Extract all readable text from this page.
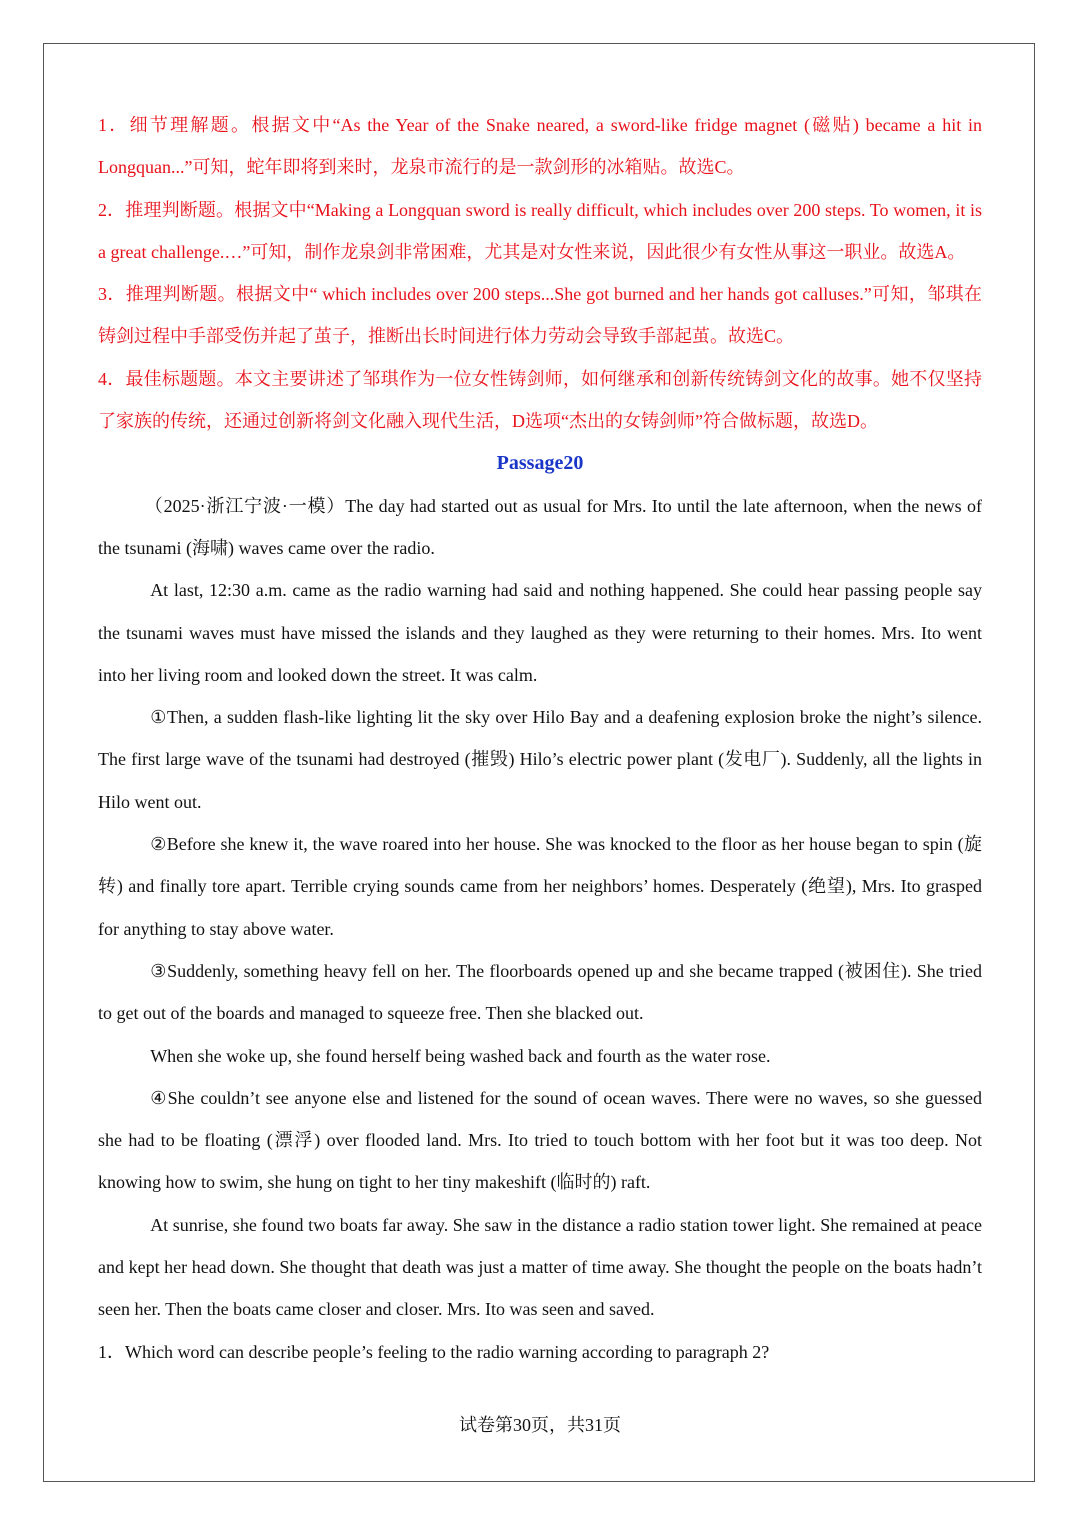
1．细节理解题。根据文中“As the Year of the Snake neared, a sword-like fridge magnet (磁贴) became a hit in Longquan...”可知，蛇年即将到来时，龙泉市流行的是一款剑形的冰箱贴。故选C。

2．推理判断题。根据文中“Making a Longquan sword is really difficult, which includes over 200 steps. To women, it is a great challenge.…”可知，制作龙泉剑非常困难，尤其是对女性来说，因此很少有女性从事这一职业。故选A。

3．推理判断题。根据文中“ which includes over 200 steps...She got burned and her hands got calluses.”可知，邹琪在铸剑过程中手部受伤并起了茧子，推断出长时间进行体力劳动会导致手部起茧。故选C。

4．最佳标题题。本文主要讲述了邹琪作为一位女性铸剑师，如何继承和创新传统铸剑文化的故事。她不仅坚持了家族的传统，还通过创新将剑文化融入现代生活，D选项“杰出的女铸剑师”符合做标题，故选D。

Passage20

（2025·浙江宁波·一模）The day had started out as usual for Mrs. Ito until the late afternoon, when the news of the tsunami (海啸) waves came over the radio.

At last, 12:30 a.m. came as the radio warning had said and nothing happened. She could hear passing people say the tsunami waves must have missed the islands and they laughed as they were returning to their homes. Mrs. Ito went into her living room and looked down the street. It was calm.

①Then, a sudden flash-like lighting lit the sky over Hilo Bay and a deafening explosion broke the night’s silence. The first large wave of the tsunami had destroyed (摧毁) Hilo’s electric power plant (发电厂). Suddenly, all the lights in Hilo went out.

②Before she knew it, the wave roared into her house. She was knocked to the floor as her house began to spin (旋转) and finally tore apart. Terrible crying sounds came from her neighbors’ homes. Desperately (绝望), Mrs. Ito grasped for anything to stay above water.

③Suddenly, something heavy fell on her. The floorboards opened up and she became trapped (被困住). She tried to get out of the boards and managed to squeeze free. Then she blacked out.

When she woke up, she found herself being washed back and fourth as the water rose.

④She couldn’t see anyone else and listened for the sound of ocean waves. There were no waves, so she guessed she had to be floating (漂浮) over flooded land. Mrs. Ito tried to touch bottom with her foot but it was too deep. Not knowing how to swim, she hung on tight to her tiny makeshift (临时的) raft.

At sunrise, she found two boats far away. She saw in the distance a radio station tower light. She remained at peace and kept her head down. She thought that death was just a matter of time away. She thought the people on the boats hadn’t seen her. Then the boats came closer and closer. Mrs. Ito was seen and saved.

1．Which word can describe people’s feeling to the radio warning according to paragraph 2?

试卷第30页，共31页
